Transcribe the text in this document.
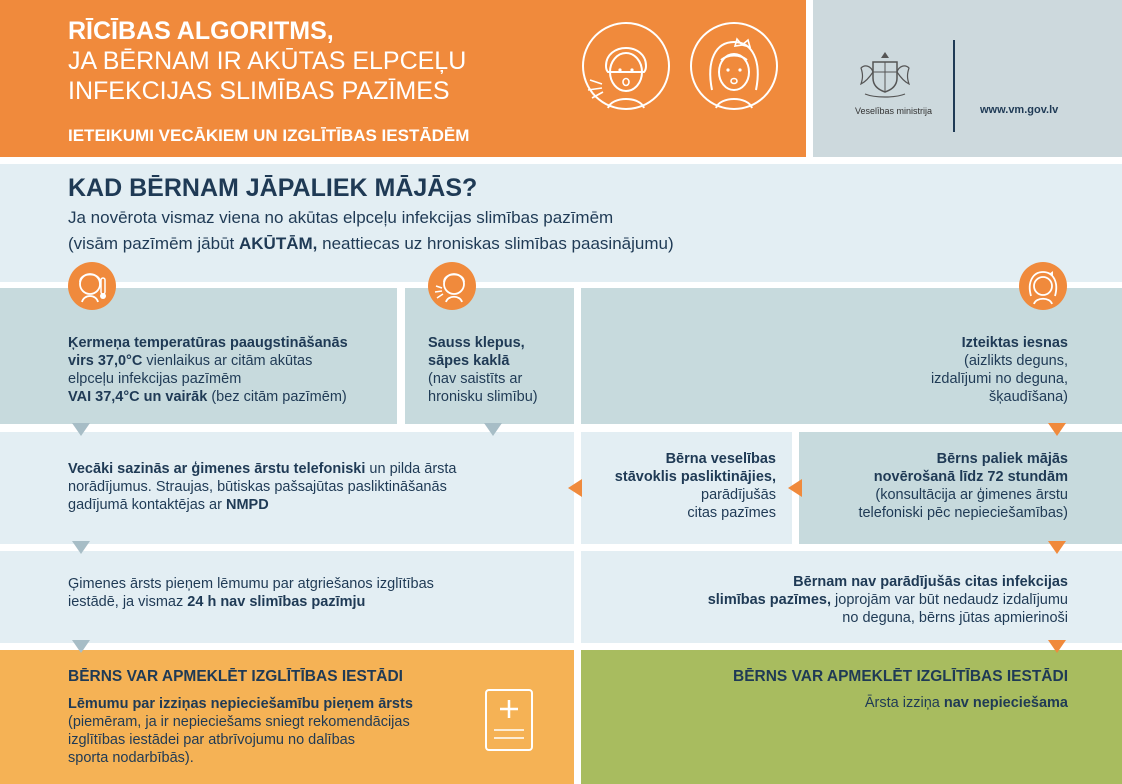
RĪCĪBAS ALGORITMS,
JA BĒRNAM IR AKŪTAS ELPCEĻU
INFEKCIJAS SLIMĪBAS PAZĪMES
IETEIKUMI VECĀKIEM UN IZGLĪTĪBAS IESTĀDĒM
Veselības ministrija	www.vm.gov.lv
KAD BĒRNAM JĀPALIEK MĀJĀS?
Ja novērota vismaz viena no akūtas elpceļu infekcijas slimības pazīmēm
(visām pazīmēm jābūt AKŪTĀM, neattiecas uz hroniskas slimības paasinājumu)
Ķermeņa temperatūras paaugstināšanās
virs 37,0°C vienlaikus ar citām akūtas
elpceļu infekcijas pazīmēm
VAI 37,4°C un vairāk (bez citām pazīmēm)
Sauss klepus,
sāpes kaklā
(nav saistīts ar
hronisku slimību)
Izteiktas iesnas
(aizlikts deguns,
izdalījumi no deguna,
šķaudīšana)
Vecāki sazinās ar ģimenes ārstu telefoniski un pilda ārsta
norādījumus. Straujas, būtiskas pašsajūtas pasliktināšanās
gadījumā kontaktējas ar NMPD
Bērna veselības
stāvoklis pasliktinājies,
parādījušās
citas pazīmes
Bērns paliek mājās
novērošanā līdz 72 stundām
(konsultācija ar ģimenes ārstu
telefoniski pēc nepieciešamības)
Ģimenes ārsts pieņem lēmumu par atgriešanos izglītības
iestādē, ja vismaz 24 h nav slimības pazīmju
Bērnam nav parādījušās citas infekcijas
slimības pazīmes, joprojām var būt nedaudz izdalījumu
no deguna, bērns jūtas apmierinoši
BĒRNS VAR APMEKLĒT IZGLĪTĪBAS IESTĀDI
Lēmumu par izziņas nepieciešamību pieņem ārsts
(piemēram, ja ir nepieciešams sniegt rekomendācijas
izglītības iestādei par atbrīvojumu no dalības
sporta nodarbībās).
BĒRNS VAR APMEKLĒT IZGLĪTĪBAS IESTĀDI
Ārsta izziņa nav nepieciešama
